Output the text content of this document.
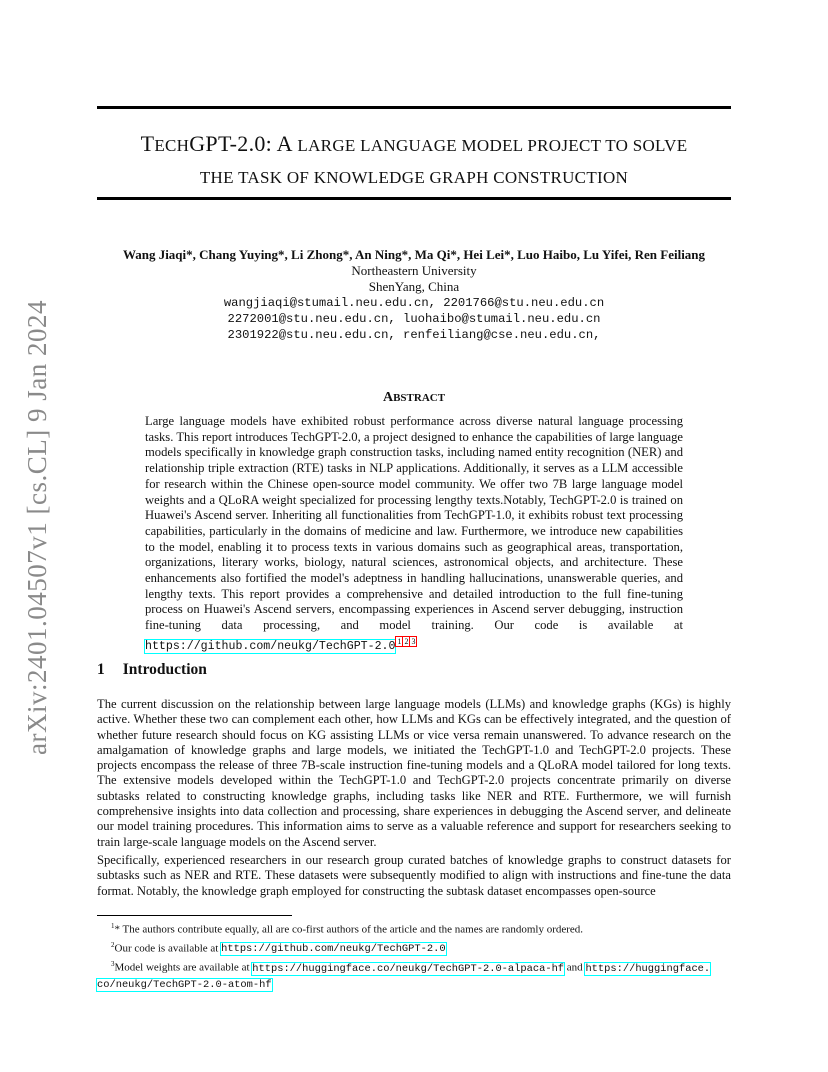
arXiv:2401.04507v1 [cs.CL] 9 Jan 2024
TECHGPT-2.0: A LARGE LANGUAGE MODEL PROJECT TO SOLVE
THE TASK OF KNOWLEDGE GRAPH CONSTRUCTION
Wang Jiaqi*, Chang Yuying*, Li Zhong*, An Ning*, Ma Qi*, Hei Lei*, Luo Haibo, Lu Yifei, Ren Feiliang
Northeastern University
ShenYang, China
wangjiaqi@stumail.neu.edu.cn, 2201766@stu.neu.edu.cn
2272001@stu.neu.edu.cn, luohaibo@stumail.neu.edu.cn
2301922@stu.neu.edu.cn, renfeiliang@cse.neu.edu.cn,
ABSTRACT
Large language models have exhibited robust performance across diverse natural language processing tasks. This report introduces TechGPT-2.0, a project designed to enhance the capabilities of large language models specifically in knowledge graph construction tasks, including named entity recognition (NER) and relationship triple extraction (RTE) tasks in NLP applications. Additionally, it serves as a LLM accessible for research within the Chinese open-source model community. We offer two 7B large language model weights and a QLoRA weight specialized for processing lengthy texts.Notably, TechGPT-2.0 is trained on Huawei's Ascend server. Inheriting all functionalities from TechGPT-1.0, it exhibits robust text processing capabilities, particularly in the domains of medicine and law. Furthermore, we introduce new capabilities to the model, enabling it to process texts in various domains such as geographical areas, transportation, organizations, literary works, biology, natural sciences, astronomical objects, and architecture. These enhancements also fortified the model's adeptness in handling hallucinations, unanswerable queries, and lengthy texts. This report provides a comprehensive and detailed introduction to the full fine-tuning process on Huawei's Ascend servers, encompassing experiences in Ascend server debugging, instruction fine-tuning data processing, and model training. Our code is available at https://github.com/neukg/TechGPT-2.0 $^1$ $^2$ $^3$
1 Introduction
The current discussion on the relationship between large language models (LLMs) and knowledge graphs (KGs) is highly active. Whether these two can complement each other, how LLMs and KGs can be effectively integrated, and the question of whether future research should focus on KG assisting LLMs or vice versa remain unanswered. To advance research on the amalgamation of knowledge graphs and large models, we initiated the TechGPT-1.0 and TechGPT-2.0 projects. These projects encompass the release of three 7B-scale instruction fine-tuning models and a QLoRA model tailored for long texts. The extensive models developed within the TechGPT-1.0 and TechGPT-2.0 projects concentrate primarily on diverse subtasks related to constructing knowledge graphs, including tasks like NER and RTE. Furthermore, we will furnish comprehensive insights into data collection and processing, share experiences in debugging the Ascend server, and delineate our model training procedures. This information aims to serve as a valuable reference and support for researchers seeking to train large-scale language models on the Ascend server.
Specifically, experienced researchers in our research group curated batches of knowledge graphs to construct datasets for subtasks such as NER and RTE. These datasets were subsequently modified to align with instructions and fine-tune the data format. Notably, the knowledge graph employed for constructing the subtask dataset encompasses open-source
$^1$* The authors contribute equally, all are co-first authors of the article and the names are randomly ordered.
$^2$Our code is available at https://github.com/neukg/TechGPT-2.0
$^3$Model weights are available at https://huggingface.co/neukg/TechGPT-2.0-alpaca-hf and https://huggingface.
co/neukg/TechGPT-2.0-atom-hf
